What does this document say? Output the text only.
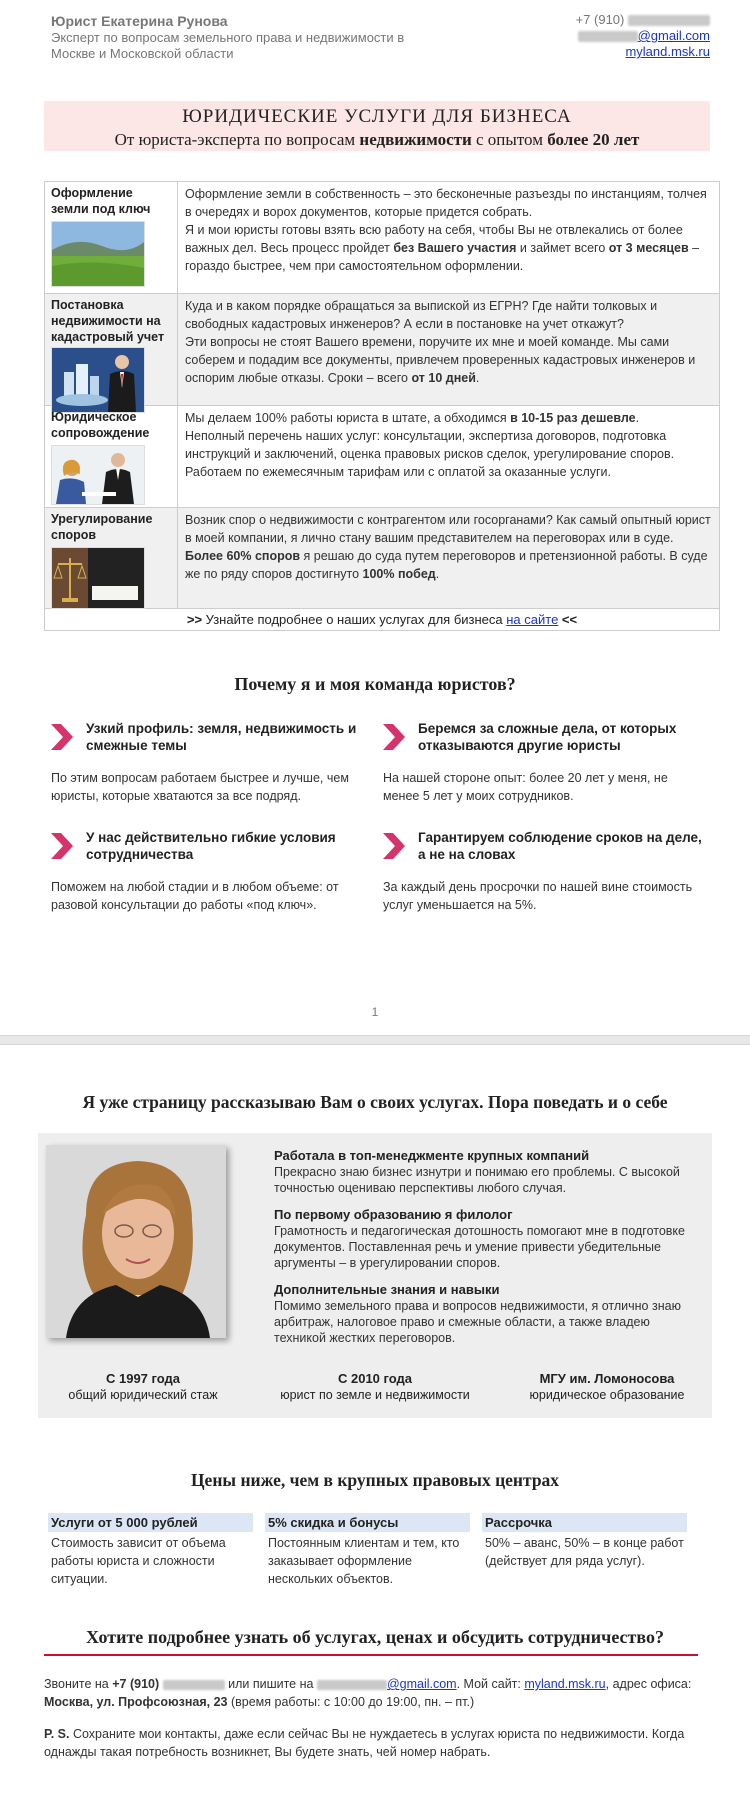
Юрист Екатерина Рунова
Эксперт по вопросам земельного права и недвижимости в
Москве и Московской области
+7 (910)
@gmail.com
myland.msk.ru
ЮРИДИЧЕСКИЕ УСЛУГИ ДЛЯ БИЗНЕСА
От юриста-эксперта по вопросам недвижимости с опытом более 20 лет
Оформление земли под ключ
Оформление земли в собственность – это бесконечные разъезды по инстанциям, толчея в очередях и ворох документов, которые придется собрать.
Я и мои юристы готовы взять всю работу на себя, чтобы Вы не отвлекались от более важных дел. Весь процесс пройдет без Вашего участия и займет всего от 3 месяцев – гораздо быстрее, чем при самостоятельном оформлении.
Постановка недвижимости на кадастровый учет
Куда и в каком порядке обращаться за выпиской из ЕГРН? Где найти толковых и свободных кадастровых инженеров? А если в постановке на учет откажут?
Эти вопросы не стоят Вашего времени, поручите их мне и моей команде. Мы сами соберем и подадим все документы, привлечем проверенных кадастровых инженеров и оспорим любые отказы. Сроки – всего от 10 дней.
Юридическое сопровождение
Мы делаем 100% работы юриста в штате, а обходимся в 10-15 раз дешевле.
Неполный перечень наших услуг: консультации, экспертиза договоров, подготовка инструкций и заключений, оценка правовых рисков сделок, урегулирование споров. Работаем по ежемесячным тарифам или с оплатой за оказанные услуги.
Урегулирование споров
Возник спор о недвижимости с контрагентом или госорганами? Как самый опытный юрист в моей компании, я лично стану вашим представителем на переговорах или в суде. Более 60% споров я решаю до суда путем переговоров и претензионной работы. В суде же по ряду споров достигнуто 100% побед.
>> Узнайте подробнее о наших услугах для бизнеса на сайте <<
Почему я и моя команда юристов?
Узкий профиль: земля, недвижимость и смежные темы
По этим вопросам работаем быстрее и лучше, чем юристы, которые хватаются за все подряд.
Беремся за сложные дела, от которых отказываются другие юристы
На нашей стороне опыт: более 20 лет у меня, не менее 5 лет у моих сотрудников.
У нас действительно гибкие условия сотрудничества
Поможем на любой стадии и в любом объеме: от разовой консультации до работы «под ключ».
Гарантируем соблюдение сроков на деле, а не на словах
За каждый день просрочки по нашей вине стоимость услуг уменьшается на 5%.
1
Я уже страницу рассказываю Вам о своих услугах. Пора поведать и о себе
Работала в топ-менеджменте крупных компаний
Прекрасно знаю бизнес изнутри и понимаю его проблемы. С высокой точностью оцениваю перспективы любого случая.
По первому образованию я филолог
Грамотность и педагогическая дотошность помогают мне в подготовке документов. Поставленная речь и умение привести убедительные аргументы – в урегулировании споров.
Дополнительные знания и навыки
Помимо земельного права и вопросов недвижимости, я отлично знаю арбитраж, налоговое право и смежные области, а также владею техникой жестких переговоров.
С 1997 года
общий юридический стаж
С 2010 года
юрист по земле и недвижимости
МГУ им. Ломоносова
юридическое образование
Цены ниже, чем в крупных правовых центрах
Услуги от 5 000 рублей
Стоимость зависит от объема работы юриста и сложности ситуации.
5% скидка и бонусы
Постоянным клиентам и тем, кто заказывает оформление нескольких объектов.
Рассрочка
50% – аванс, 50% – в конце работ (действует для ряда услуг).
Хотите подробнее узнать об услугах, ценах и обсудить сотрудничество?
Звоните на +7 (910)	или пишите на	@gmail.com. Мой сайт: myland.msk.ru, адрес офиса: Москва, ул. Профсоюзная, 23 (время работы: с 10:00 до 19:00, пн. – пт.)
P. S. Сохраните мои контакты, даже если сейчас Вы не нуждаетесь в услугах юриста по недвижимости. Когда однажды такая потребность возникнет, Вы будете знать, чей номер набрать.
